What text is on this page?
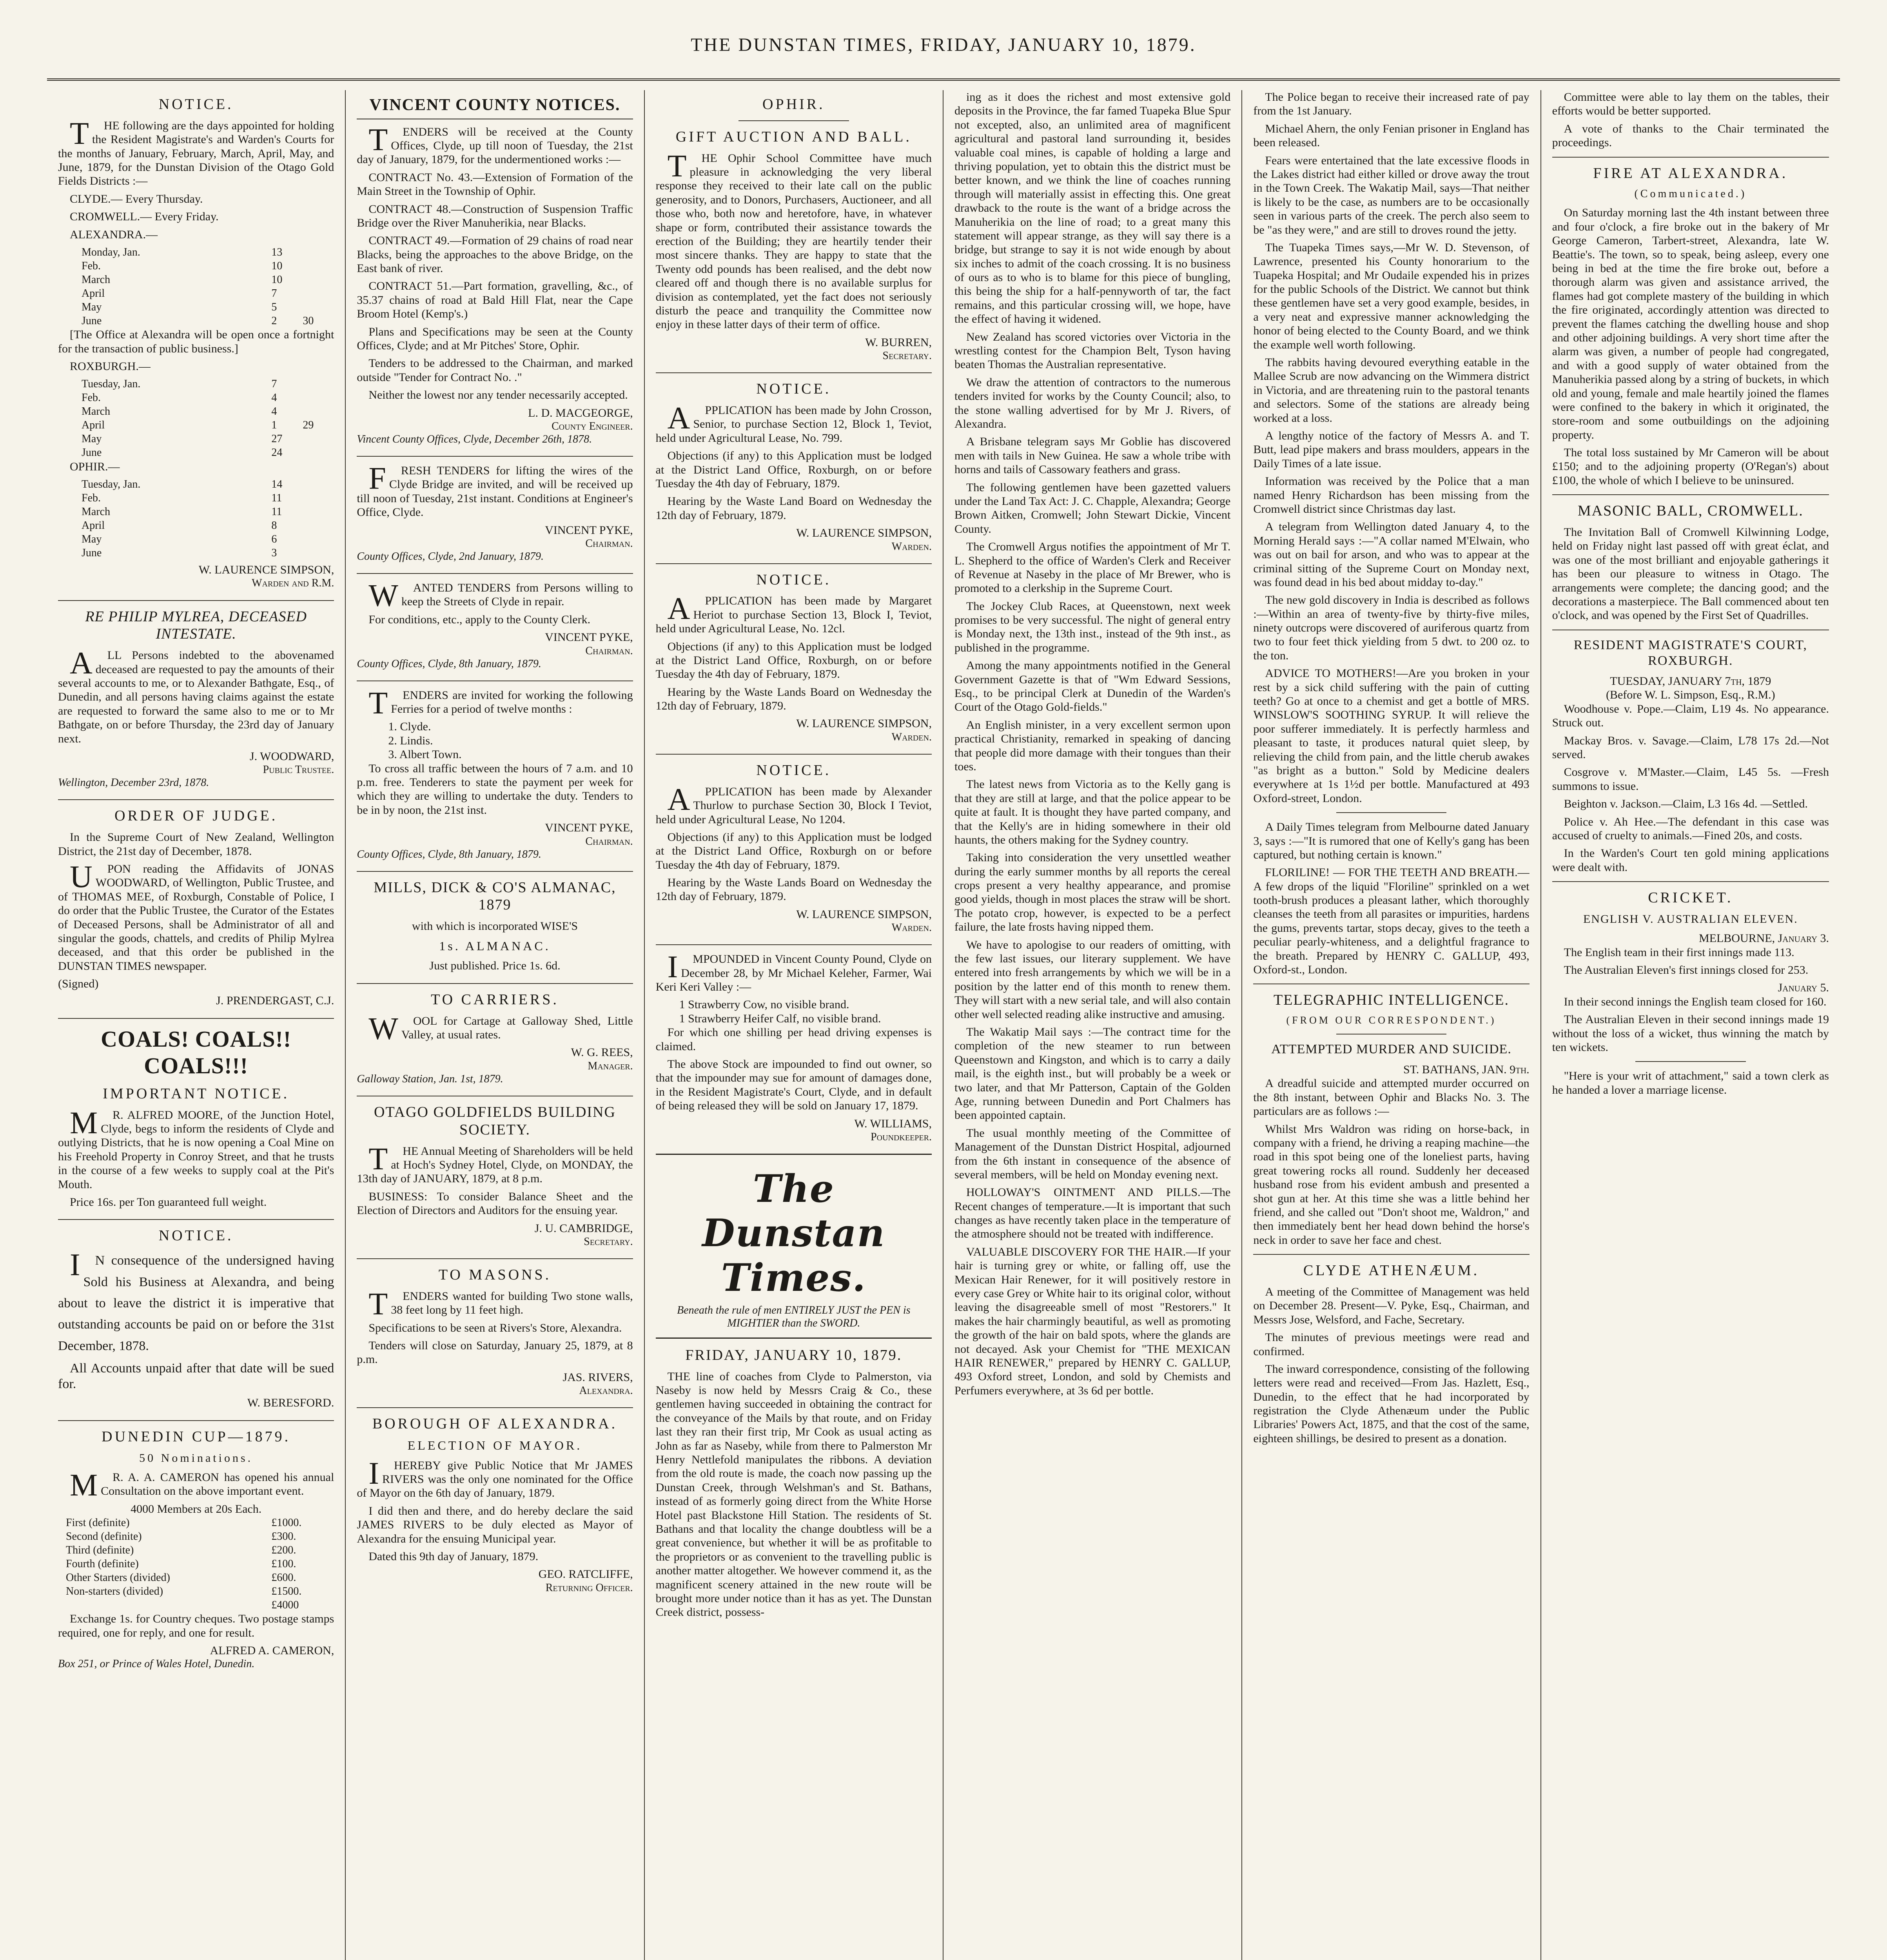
THE DUNSTAN TIMES, FRIDAY, JANUARY 10, 1879.
NOTICE.

THE following are the days appointed for holding the Resident Magistrate's and Warden's Courts for the months of January, February, March, April, May, and June, 1879, for the Dunstan Division of the Otago Gold Fields Districts :—

CLYDE.— Every Thursday.

CROMWELL.— Every Friday.

ALEXANDRA.—

Monday, Jan.	13
Feb.	10
March	10
April	7
May	5
June	2	30

[The Office at Alexandra will be open once a fortnight for the transaction of public business.]

ROXBURGH.—

Tuesday, Jan.	7
Feb.	4
March	4
April	1	29
May	27
June	24

OPHIR.—

Tuesday, Jan.	14
Feb.	11
March	11
April	8
May	6
June	3
W. LAURENCE SIMPSON,
Warden and R.M.
RE PHILIP MYLREA, DECEASED INTESTATE.

ALL Persons indebted to the abovenamed deceased are requested to pay the amounts of their several accounts to me, or to Alexander Bathgate, Esq., of Dunedin, and all persons having claims against the estate are requested to forward the same also to me or to Mr Bathgate, on or before Thursday, the 23rd day of January next.

J. WOODWARD,
Public Trustee.
Wellington, December 23rd, 1878.
ORDER OF JUDGE.

In the Supreme Court of New Zealand, Wellington District, the 21st day of December, 1878.

UPON reading the Affidavits of JONAS WOODWARD, of Wellington, Public Trustee, and of THOMAS MEE, of Roxburgh, Constable of Police, I do order that the Public Trustee, the Curator of the Estates of Deceased Persons, shall be Administrator of all and singular the goods, chattels, and credits of Philip Mylrea deceased, and that this order be published in the DUNSTAN TIMES newspaper.

(Signed)
J. PRENDERGAST, C.J.
COALS! COALS!! COALS!!!
IMPORTANT NOTICE.

MR. ALFRED MOORE, of the Junction Hotel, Clyde, begs to inform the residents of Clyde and outlying Districts, that he is now opening a Coal Mine on his Freehold Property in Conroy Street, and that he trusts in the course of a few weeks to supply coal at the Pit's Mouth.

Price 16s. per Ton guaranteed full weight.

NOTICE.

IN consequence of the undersigned having Sold his Business at Alexandra, and being about to leave the district it is imperative that outstanding accounts be paid on or before the 31st December, 1878.

All Accounts unpaid after that date will be sued for.

W. BERESFORD.
DUNEDIN CUP—1879.
50 Nominations.

MR. A. A. CAMERON has opened his annual Consultation on the above important event.

4000 Members at 20s Each.
First (definite)	£1000.
Second (definite)	£300.
Third (definite)	£200.
Fourth (definite)	£100.
Other Starters (divided)	£600.
Non-starters (divided)	£1500.
£4000

Exchange 1s. for Country cheques. Two postage stamps required, one for reply, and one for result.

ALFRED A. CAMERON,
Box 251, or Prince of Wales Hotel, Dunedin.
VINCENT COUNTY NOTICES.

TENDERS will be received at the County Offices, Clyde, up till noon of Tuesday, the 21st day of January, 1879, for the undermentioned works :—

CONTRACT No. 43.—Extension of Formation of the Main Street in the Township of Ophir.

CONTRACT 48.—Construction of Suspension Traffic Bridge over the River Manuherikia, near Blacks.

CONTRACT 49.—Formation of 29 chains of road near Blacks, being the approaches to the above Bridge, on the East bank of river.

CONTRACT 51.—Part formation, gravelling, &c., of 35.37 chains of road at Bald Hill Flat, near the Cape Broom Hotel (Kemp's.)

Plans and Specifications may be seen at the County Offices, Clyde; and at Mr Pitches' Store, Ophir.

Tenders to be addressed to the Chairman, and marked outside "Tender for Contract No. ."

Neither the lowest nor any tender necessarily accepted.

L. D. MACGEORGE,
County Engineer.
Vincent County Offices, Clyde, December 26th, 1878.

FRESH TENDERS for lifting the wires of the Clyde Bridge are invited, and will be received up till noon of Tuesday, 21st instant. Conditions at Engineer's Office, Clyde.

VINCENT PYKE,
Chairman.
County Offices, Clyde, 2nd January, 1879.

WANTED TENDERS from Persons willing to keep the Streets of Clyde in repair.

For conditions, etc., apply to the County Clerk.

VINCENT PYKE,
Chairman.
County Offices, Clyde, 8th January, 1879.

TENDERS are invited for working the following Ferries for a period of twelve months :

1. Clyde.
2. Lindis.
3. Albert Town.

To cross all traffic between the hours of 7 a.m. and 10 p.m. free. Tenderers to state the payment per week for which they are willing to undertake the duty. Tenders to be in by noon, the 21st inst.

VINCENT PYKE,
Chairman.
County Offices, Clyde, 8th January, 1879.
MILLS, DICK & CO'S ALMANAC, 1879
with which is incorporated WISE'S
1s. ALMANAC.
Just published. Price 1s. 6d.
TO CARRIERS.

WOOL for Cartage at Galloway Shed, Little Valley, at usual rates.

W. G. REES,
Manager.
Galloway Station, Jan. 1st, 1879.
OTAGO GOLDFIELDS BUILDING SOCIETY.

THE Annual Meeting of Shareholders will be held at Hoch's Sydney Hotel, Clyde, on MONDAY, the 13th day of JANUARY, 1879, at 8 p.m.

BUSINESS: To consider Balance Sheet and the Election of Directors and Auditors for the ensuing year.

J. U. CAMBRIDGE,
Secretary.
TO MASONS.

TENDERS wanted for building Two stone walls, 38 feet long by 11 feet high.

Specifications to be seen at Rivers's Store, Alexandra.

Tenders will close on Saturday, January 25, 1879, at 8 p.m.

JAS. RIVERS,
Alexandra.
BOROUGH OF ALEXANDRA.
ELECTION OF MAYOR.

IHEREBY give Public Notice that Mr JAMES RIVERS was the only one nominated for the Office of Mayor on the 6th day of January, 1879.

I did then and there, and do hereby declare the said JAMES RIVERS to be duly elected as Mayor of Alexandra for the ensuing Municipal year.

Dated this 9th day of January, 1879.

GEO. RATCLIFFE,
Returning Officer.
OPHIR.
GIFT AUCTION AND BALL.

THE Ophir School Committee have much pleasure in acknowledging the very liberal response they received to their late call on the public generosity, and to Donors, Purchasers, Auctioneer, and all those who, both now and heretofore, have, in whatever shape or form, contributed their assistance towards the erection of the Building; they are heartily tender their most sincere thanks. They are happy to state that the Twenty odd pounds has been realised, and the debt now cleared off and though there is no available surplus for division as contemplated, yet the fact does not seriously disturb the peace and tranquility the Committee now enjoy in these latter days of their term of office.

W. BURREN,
Secretary.
NOTICE.

APPLICATION has been made by John Crosson, Senior, to purchase Section 12, Block 1, Teviot, held under Agricultural Lease, No. 799.

Objections (if any) to this Application must be lodged at the District Land Office, Roxburgh, on or before Tuesday the 4th day of February, 1879.

Hearing by the Waste Land Board on Wednesday the 12th day of February, 1879.

W. LAURENCE SIMPSON,
Warden.
NOTICE.

APPLICATION has been made by Margaret Heriot to purchase Section 13, Block I, Teviot, held under Agricultural Lease, No. 12cl.

Objections (if any) to this Application must be lodged at the District Land Office, Roxburgh, on or before Tuesday the 4th day of February, 1879.

Hearing by the Waste Lands Board on Wednesday the 12th day of February, 1879.

W. LAURENCE SIMPSON,
Warden.
NOTICE.

APPLICATION has been made by Alexander Thurlow to purchase Section 30, Block I Teviot, held under Agricultural Lease, No 1204.

Objections (if any) to this Application must be lodged at the District Land Office, Roxburgh on or before Tuesday the 4th day of February, 1879.

Hearing by the Waste Lands Board on Wednesday the 12th day of February, 1879.

W. LAURENCE SIMPSON,
Warden.

IMPOUNDED in Vincent County Pound, Clyde on December 28, by Mr Michael Keleher, Farmer, Wai Keri Keri Valley :—

1 Strawberry Cow, no visible brand.
1 Strawberry Heifer Calf, no visible brand.

For which one shilling per head driving expenses is claimed.

The above Stock are impounded to find out owner, so that the impounder may sue for amount of damages done, in the Resident Magistrate's Court, Clyde, and in default of being released they will be sold on January 17, 1879.

W. WILLIAMS,
Poundkeeper.
The Dunstan Times.
Beneath the rule of men ENTIRELY JUST the PEN is MIGHTIER than the SWORD.
FRIDAY, JANUARY 10, 1879.

THE line of coaches from Clyde to Palmerston, via Naseby is now held by Messrs Craig & Co., these gentlemen having succeeded in obtaining the contract for the conveyance of the Mails by that route, and on Friday last they ran their first trip, Mr Cook as usual acting as John as far as Naseby, while from there to Palmerston Mr Henry Nettlefold manipulates the ribbons. A deviation from the old route is made, the coach now passing up the Dunstan Creek, through Welshman's and St. Bathans, instead of as formerly going direct from the White Horse Hotel past Blackstone Hill Station. The residents of St. Bathans and that locality the change doubtless will be a great convenience, but whether it will be as profitable to the proprietors or as convenient to the travelling public is another matter altogether. We however commend it, as the magnificent scenery attained in the new route will be brought more under notice than it has as yet. The Dunstan Creek district, possess-

ing as it does the richest and most extensive gold deposits in the Province, the far famed Tuapeka Blue Spur not excepted, also, an unlimited area of magnificent agricultural and pastoral land surrounding it, besides valuable coal mines, is capable of holding a large and thriving population, yet to obtain this the district must be better known, and we think the line of coaches running through will materially assist in effecting this. One great drawback to the route is the want of a bridge across the Manuherikia on the line of road; to a great many this statement will appear strange, as they will say there is a bridge, but strange to say it is not wide enough by about six inches to admit of the coach crossing. It is no business of ours as to who is to blame for this piece of bungling, this being the ship for a half-pennyworth of tar, the fact remains, and this particular crossing will, we hope, have the effect of having it widened.

New Zealand has scored victories over Victoria in the wrestling contest for the Champion Belt, Tyson having beaten Thomas the Australian representative.

We draw the attention of contractors to the numerous tenders invited for works by the County Council; also, to the stone walling advertised for by Mr J. Rivers, of Alexandra.

A Brisbane telegram says Mr Goblie has discovered men with tails in New Guinea. He saw a whole tribe with horns and tails of Cassowary feathers and grass.

The following gentlemen have been gazetted valuers under the Land Tax Act: J. C. Chapple, Alexandra; George Brown Aitken, Cromwell; John Stewart Dickie, Vincent County.

The Cromwell Argus notifies the appointment of Mr T. L. Shepherd to the office of Warden's Clerk and Receiver of Revenue at Naseby in the place of Mr Brewer, who is promoted to a clerkship in the Supreme Court.

The Jockey Club Races, at Queenstown, next week promises to be very successful. The night of general entry is Monday next, the 13th inst., instead of the 9th inst., as published in the programme.

Among the many appointments notified in the General Government Gazette is that of "Wm Edward Sessions, Esq., to be principal Clerk at Dunedin of the Warden's Court of the Otago Gold-fields."

An English minister, in a very excellent sermon upon practical Christianity, remarked in speaking of dancing that people did more damage with their tongues than their toes.

The latest news from Victoria as to the Kelly gang is that they are still at large, and that the police appear to be quite at fault. It is thought they have parted company, and that the Kelly's are in hiding somewhere in their old haunts, the others making for the Sydney country.

Taking into consideration the very unsettled weather during the early summer months by all reports the cereal crops present a very healthy appearance, and promise good yields, though in most places the straw will be short. The potato crop, however, is expected to be a perfect failure, the late frosts having nipped them.

We have to apologise to our readers of omitting, with the few last issues, our literary supplement. We have entered into fresh arrangements by which we will be in a position by the latter end of this month to renew them. They will start with a new serial tale, and will also contain other well selected reading alike instructive and amusing.

The Wakatip Mail says :—The contract time for the completion of the new steamer to run between Queenstown and Kingston, and which is to carry a daily mail, is the eighth inst., but will probably be a week or two later, and that Mr Patterson, Captain of the Golden Age, running between Dunedin and Port Chalmers has been appointed captain.

The usual monthly meeting of the Committee of Management of the Dunstan District Hospital, adjourned from the 6th instant in consequence of the absence of several members, will be held on Monday evening next.

HOLLOWAY'S OINTMENT AND PILLS.—The Recent changes of temperature.—It is important that such changes as have recently taken place in the temperature of the atmosphere should not be treated with indifference.

VALUABLE DISCOVERY FOR THE HAIR.—If your hair is turning grey or white, or falling off, use the Mexican Hair Renewer, for it will positively restore in every case Grey or White hair to its original color, without leaving the disagreeable smell of most "Restorers." It makes the hair charmingly beautiful, as well as promoting the growth of the hair on bald spots, where the glands are not decayed. Ask your Chemist for "THE MEXICAN HAIR RENEWER," prepared by HENRY C. GALLUP, 493 Oxford street, London, and sold by Chemists and Perfumers everywhere, at 3s 6d per bottle.

The Police began to receive their increased rate of pay from the 1st January.

Michael Ahern, the only Fenian prisoner in England has been released.

Fears were entertained that the late excessive floods in the Lakes district had either killed or drove away the trout in the Town Creek. The Wakatip Mail, says—That neither is likely to be the case, as numbers are to be occasionally seen in various parts of the creek. The perch also seem to be "as they were," and are still to droves round the jetty.

The Tuapeka Times says,—Mr W. D. Stevenson, of Lawrence, presented his County honorarium to the Tuapeka Hospital; and Mr Oudaile expended his in prizes for the public Schools of the District. We cannot but think these gentlemen have set a very good example, besides, in a very neat and expressive manner acknowledging the honor of being elected to the County Board, and we think the example well worth following.

The rabbits having devoured everything eatable in the Mallee Scrub are now advancing on the Wimmera district in Victoria, and are threatening ruin to the pastoral tenants and selectors. Some of the stations are already being worked at a loss.

A lengthy notice of the factory of Messrs A. and T. Butt, lead pipe makers and brass moulders, appears in the Daily Times of a late issue.

Information was received by the Police that a man named Henry Richardson has been missing from the Cromwell district since Christmas day last.

A telegram from Wellington dated January 4, to the Morning Herald says :—"A collar named M'Elwain, who was out on bail for arson, and who was to appear at the criminal sitting of the Supreme Court on Monday next, was found dead in his bed about midday to-day."

The new gold discovery in India is described as follows :—Within an area of twenty-five by thirty-five miles, ninety outcrops were discovered of auriferous quartz from two to four feet thick yielding from 5 dwt. to 200 oz. to the ton.

ADVICE TO MOTHERS!—Are you broken in your rest by a sick child suffering with the pain of cutting teeth? Go at once to a chemist and get a bottle of MRS. WINSLOW'S SOOTHING SYRUP. It will relieve the poor sufferer immediately. It is perfectly harmless and pleasant to taste, it produces natural quiet sleep, by relieving the child from pain, and the little cherub awakes "as bright as a button." Sold by Medicine dealers everywhere at 1s 1½d per bottle. Manufactured at 493 Oxford-street, London.

A Daily Times telegram from Melbourne dated January 3, says :—"It is rumored that one of Kelly's gang has been captured, but nothing certain is known."

FLORILINE! — FOR THE TEETH AND BREATH.—A few drops of the liquid "Floriline" sprinkled on a wet tooth-brush produces a pleasant lather, which thoroughly cleanses the teeth from all parasites or impurities, hardens the gums, prevents tartar, stops decay, gives to the teeth a peculiar pearly-whiteness, and a delightful fragrance to the breath. Prepared by HENRY C. GALLUP, 493, Oxford-st., London.

TELEGRAPHIC INTELLIGENCE.
(FROM OUR CORRESPONDENT.)
ATTEMPTED MURDER AND SUICIDE.
ST. BATHANS, JAN. 9th.

A dreadful suicide and attempted murder occurred on the 8th instant, between Ophir and Blacks No. 3. The particulars are as follows :—

Whilst Mrs Waldron was riding on horse-back, in company with a friend, he driving a reaping machine—the road in this spot being one of the loneliest parts, having great towering rocks all round. Suddenly her deceased husband rose from his evident ambush and presented a shot gun at her. At this time she was a little behind her friend, and she called out "Don't shoot me, Waldron," and then immediately bent her head down behind the horse's neck in order to save her face and chest.

CLYDE ATHENÆUM.

A meeting of the Committee of Management was held on December 28. Present—V. Pyke, Esq., Chairman, and Messrs Jose, Welsford, and Fache, Secretary.

The minutes of previous meetings were read and confirmed.

The inward correspondence, consisting of the following letters were read and received—From Jas. Hazlett, Esq., Dunedin, to the effect that he had incorporated by registration the Clyde Athenæum under the Public Libraries' Powers Act, 1875, and that the cost of the same, eighteen shillings, be desired to present as a donation.

Committee were able to lay them on the tables, their efforts would be better supported.

A vote of thanks to the Chair terminated the proceedings.

FIRE AT ALEXANDRA.
(Communicated.)

On Saturday morning last the 4th instant between three and four o'clock, a fire broke out in the bakery of Mr George Cameron, Tarbert-street, Alexandra, late W. Beattie's. The town, so to speak, being asleep, every one being in bed at the time the fire broke out, before a thorough alarm was given and assistance arrived, the flames had got complete mastery of the building in which the fire originated, accordingly attention was directed to prevent the flames catching the dwelling house and shop and other adjoining buildings. A very short time after the alarm was given, a number of people had congregated, and with a good supply of water obtained from the Manuherikia passed along by a string of buckets, in which old and young, female and male heartily joined the flames were confined to the bakery in which it originated, the store-room and some outbuildings on the adjoining property.

The total loss sustained by Mr Cameron will be about £150; and to the adjoining property (O'Regan's) about £100, the whole of which I believe to be uninsured.

MASONIC BALL, CROMWELL.

The Invitation Ball of Cromwell Kilwinning Lodge, held on Friday night last passed off with great éclat, and was one of the most brilliant and enjoyable gatherings it has been our pleasure to witness in Otago. The arrangements were complete; the dancing good; and the decorations a masterpiece. The Ball commenced about ten o'clock, and was opened by the First Set of Quadrilles.

RESIDENT MAGISTRATE'S COURT, ROXBURGH.
TUESDAY, JANUARY 7th, 1879
(Before W. L. Simpson, Esq., R.M.)

Woodhouse v. Pope.—Claim, L19 4s. No appearance. Struck out.

Mackay Bros. v. Savage.—Claim, L78 17s 2d.—Not served.

Cosgrove v. M'Master.—Claim, L45 5s. —Fresh summons to issue.

Beighton v. Jackson.—Claim, L3 16s 4d. —Settled.

Police v. Ah Hee.—The defendant in this case was accused of cruelty to animals.—Fined 20s, and costs.

In the Warden's Court ten gold mining applications were dealt with.

CRICKET.
ENGLISH V. AUSTRALIAN ELEVEN.
MELBOURNE, January 3.

The English team in their first innings made 113.

The Australian Eleven's first innings closed for 253.

January 5.

In their second innings the English team closed for 160.

The Australian Eleven in their second innings made 19 without the loss of a wicket, thus winning the match by ten wickets.

"Here is your writ of attachment," said a town clerk as he handed a lover a marriage license.
